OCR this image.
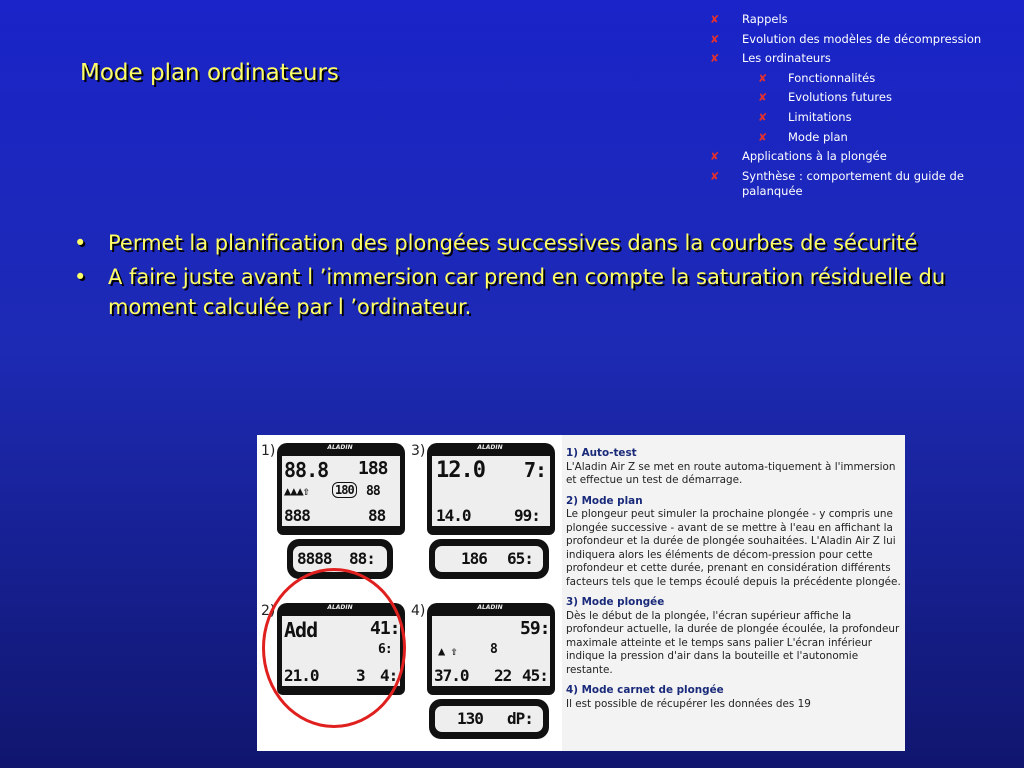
Mode plan ordinateurs
✘	Rappels
✘	Evolution des modèles de décompression
✘	Les ordinateurs
✘	Fonctionnalités
✘	Evolutions futures
✘	Limitations
✘	Mode plan
✘	Applications à la plongée
✘	Synthèse : comportement du guide de palanquée
•	Permet la planification des plongées successives dans la courbes de sécurité
•	A faire juste avant l ’immersion car prend en compte la saturation résiduelle du moment calculée par l ’ordinateur.
1)
2)
3)
4)
ALADIN
88.8 188
▲▲▲⇧ 180 88
888	88
8888 88:
ALADIN
12.0 7:
14.0	99:
186 65:
ALADIN
Add	41:
6:
21.0 3 4:
ALADIN
59:
▲ ⇧	8
37.0 22 45:
130 dP:
1) Auto-test
L'Aladin Air Z se met en route automa-tiquement à l'immersion et effectue un test de démarrage.
2) Mode plan
Le plongeur peut simuler la prochaine plongée - y compris une plongée successive - avant de se mettre à l'eau en affichant la profondeur et la durée de plongée souhaitées. L'Aladin Air Z lui indiquera alors les éléments de décom-pression pour cette profondeur et cette durée, prenant en considération différents facteurs tels que le temps écoulé depuis la précédente plongée.
3) Mode plongée
Dès le début de la plongée, l'écran supérieur affiche la profondeur actuelle, la durée de plongée écoulée, la profondeur maximale atteinte et le temps sans palier L'écran inférieur indique la pression d'air dans la bouteille et l'autonomie restante.
4) Mode carnet de plongée
Il est possible de récupérer les données des 19
